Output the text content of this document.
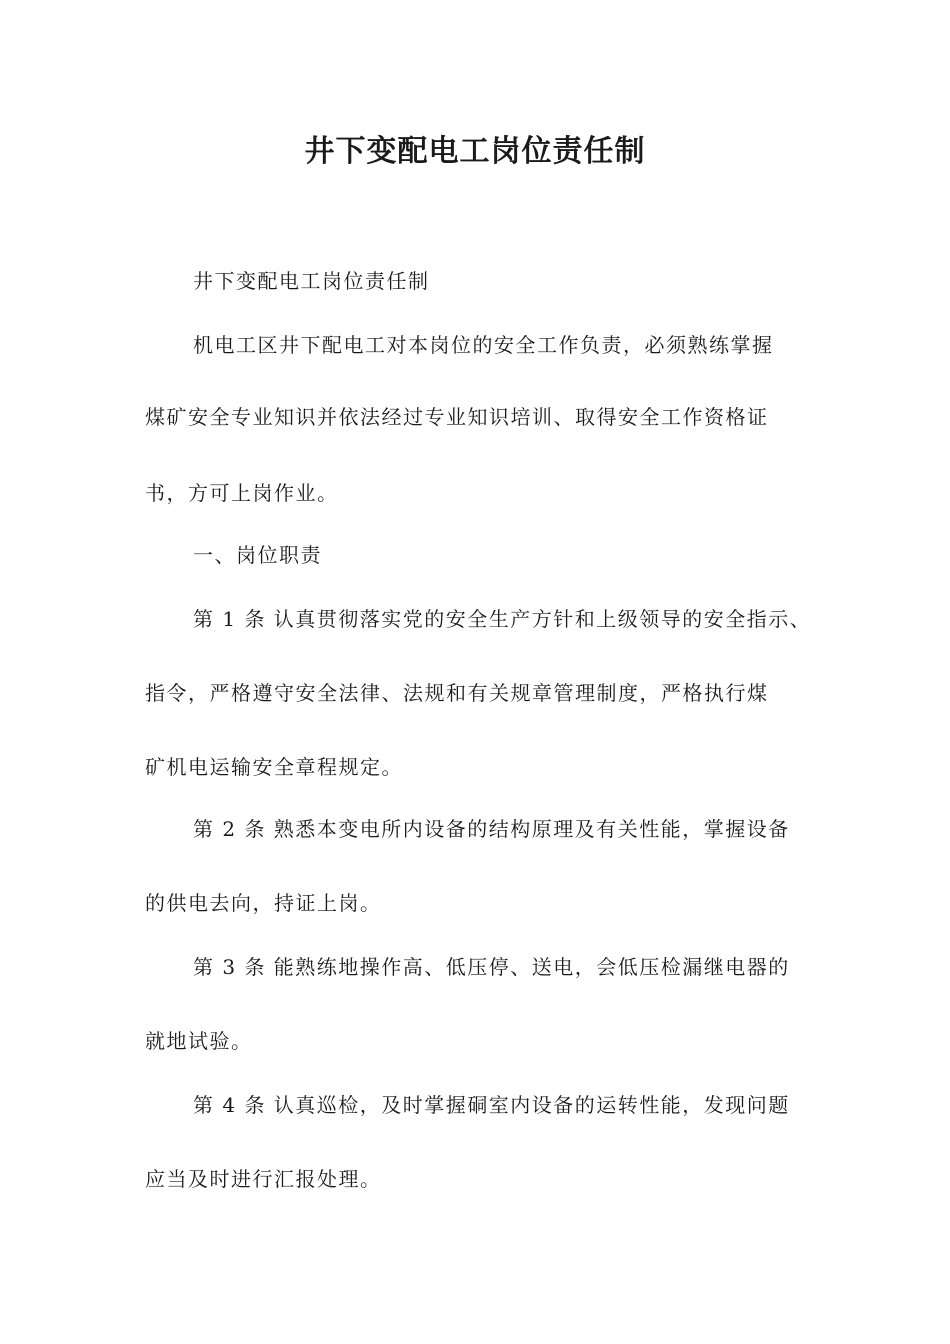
井下变配电工岗位责任制

井下变配电工岗位责任制

机电工区井下配电工对本岗位的安全工作负责，必须熟练掌握

煤矿安全专业知识并依法经过专业知识培训、取得安全工作资格证

书，方可上岗作业。

一、岗位职责

第 1 条 认真贯彻落实党的安全生产方针和上级领导的安全指示、

指令，严格遵守安全法律、法规和有关规章管理制度，严格执行煤

矿机电运输安全章程规定。

第 2 条 熟悉本变电所内设备的结构原理及有关性能，掌握设备

的供电去向，持证上岗。

第 3 条 能熟练地操作高、低压停、送电，会低压检漏继电器的

就地试验。

第 4 条 认真巡检，及时掌握硐室内设备的运转性能，发现问题

应当及时进行汇报处理。
